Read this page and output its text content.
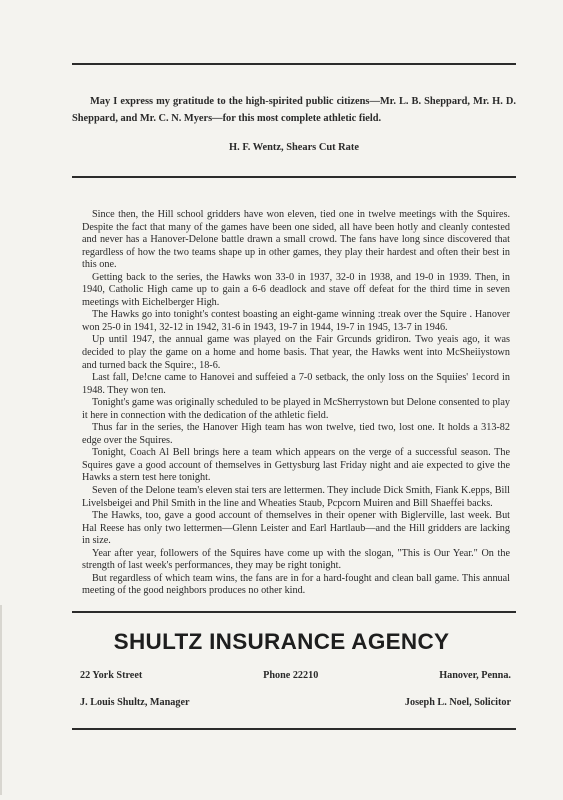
May I express my gratitude to the high-spirited public citizens—Mr. L. B. Sheppard, Mr. H. D. Sheppard, and Mr. C. N. Myers—for this most complete athletic field.

H. F. Wentz, Shears Cut Rate

Since then, the Hill school gridders have won eleven, tied one in twelve meetings with the Squires. Despite the fact that many of the games have been one sided, all have been hotly and cleanly contested and never has a Hanover-Delone battle drawn a small crowd. The fans have long since discovered that regardless of how the two teams shape up in other games, they play their hardest and often their best in this one.

Getting back to the series, the Hawks won 33-0 in 1937, 32-0 in 1938, and 19-0 in 1939. Then, in 1940, Catholic High came up to gain a 6-6 deadlock and stave off defeat for the third time in seven meetings with Eichelberger High.

The Hawks go into tonight's contest boasting an eight-game winning :treak over the Squire . Hanover won 25-0 in 1941, 32-12 in 1942, 31-6 in 1943, 19-7 in 1944, 19-7 in 1945, 13-7 in 1946.

Up until 1947, the annual game was played on the Fair Grcunds gridiron. Two yeais ago, it was decided to play the game on a home and home basis. That year, the Hawks went into McSheiiystown and turned back the Squire:, 18-6.

Last fall, De!cne came to Hanovei and suffeied a 7-0 setback, the only loss on the Squiies' 1ecord in 1948. They won ten.

Tonight's game was originally scheduled to be played in McSherrystown but Delone consented to play it here in connection with the dedication of the athletic field.

Thus far in the series, the Hanover High team has won twelve, tied two, lost one. It holds a 313-82 edge over the Squires.

Tonight, Coach Al Bell brings here a team which appears on the verge of a successful season. The Squires gave a good account of themselves in Gettysburg last Friday night and aie expected to give the Hawks a stern test here tonight.

Seven of the Delone team's eleven stai ters are lettermen. They include Dick Smith, Fiank K.epps, Bill Livelsbeigei and Phil Smith in the line and Wheaties Staub, Pcpcorn Muiren and Bill Shaeffei backs.

The Hawks, too, gave a good account of themselves in their opener with Biglerville, last week. But Hal Reese has only two lettermen—Glenn Leister and Earl Hartlaub—and the Hill gridders are lacking in size.

Year after year, followers of the Squires have come up with the slogan, "This is Our Year." On the strength of last week's performances, they may be right tonight.

But regardless of which team wins, the fans are in for a hard-fought and clean ball game. This annual meeting of the good neighbors produces no other kind.

SHULTZ INSURANCE AGENCY
22 York Street	Phone 22210	Hanover, Penna.
J. Louis Shultz, Manager	Joseph L. Noel, Solicitor
